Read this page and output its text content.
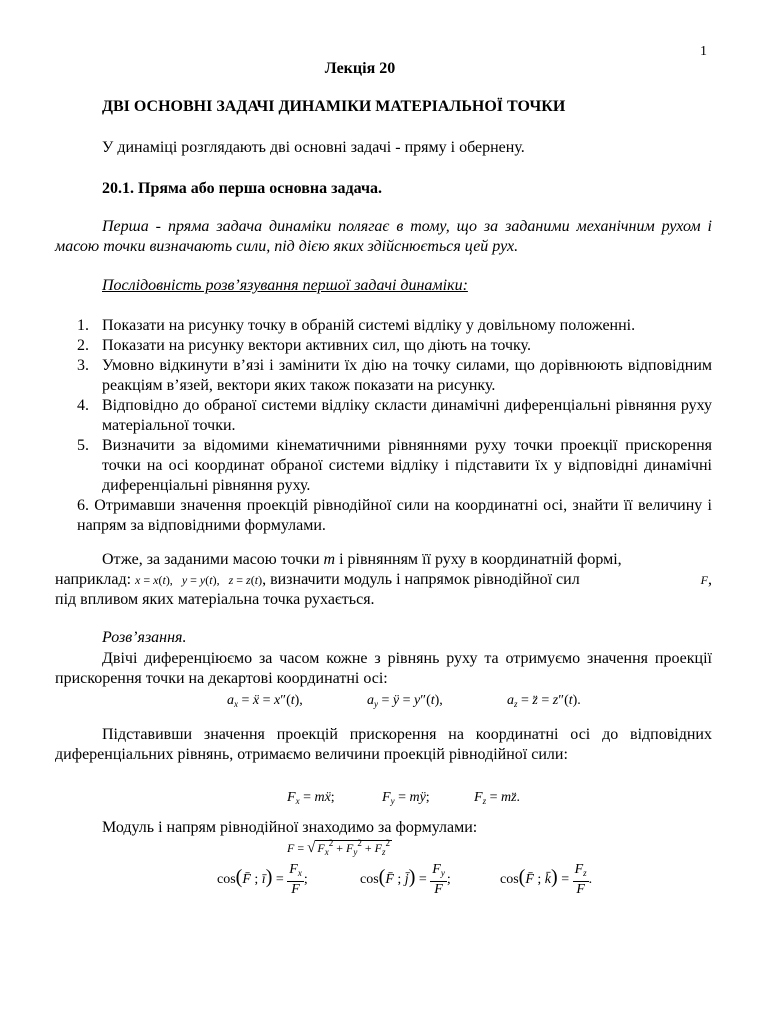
1
Лекція 20
ДВІ ОСНОВНІ ЗАДАЧІ ДИНАМІКИ МАТЕРІАЛЬНОЇ ТОЧКИ
У динаміці розглядають дві основні задачі - пряму і обернену.
20.1. Пряма або перша основна задача.
Перша - пряма задача динаміки полягає в тому, що за заданими механічним рухом і масою точки визначають сили, під дією яких здійснюється цей рух.
Послідовність розв’язування першої задачі динаміки:
1. Показати на рисунку точку в обраній системі відліку у довільному положенні.
2. Показати на рисунку вектори активних сил, що діють на точку.
3. Умовно відкинути в’язі і замінити їх дію на точку силами, що дорівнюють відповідним реакціям в’язей, вектори яких також показати на рисунку.
4. Відповідно до обраної системи відліку скласти динамічні диференціальні рівняння руху матеріальної точки.
5. Визначити за відомими кінематичними рівняннями руху точки проекції прискорення точки на осі координат обраної системи відліку і підставити їх у відповідні динамічні диференціальні рівняння руху.
6. Отримавши значення проекцій рівнодійної сили на координатні осі, знайти її величину і напрям за відповідними формулами.
Отже, за заданими масою точки m і рівнянням її руху в координатній формі,
наприклад: x = x(t),   y = y(t),   z = z(t), визначити модуль і напрямок рівнодійної сил	F,
під впливом яких матеріальна точка рухається.
Розв’язання.
Двічі диференціюємо за часом кожне з рівнянь руху та отримуємо значення проекції прискорення точки на декартові координатні осі:
$a_x$ = ẍ = x″(t),	$a_y$ = ÿ = y″(t),	$a_z$ = z̈ = z″(t).
Підставивши значення проекцій прискорення на координатні осі до відповідних диференціальних рівнянь, отримаємо величини проекцій рівнодійної сили:
$F_x$ = mẍ;	$F_y$ = mÿ;	$F_z$ = mz̈.
Модуль і напрям рівнодійної знаходимо за формулами:
F = √ $F_x^2 + F_y^2 + F_z^2$
cos(F̄ ; ī) = $\frac{F_x}{F}$ ;	cos(F̄ ; j̄) = $\frac{F_y}{F}$ ;	cos(F̄ ; k̄) = $\frac{F_z}{F}$ .
